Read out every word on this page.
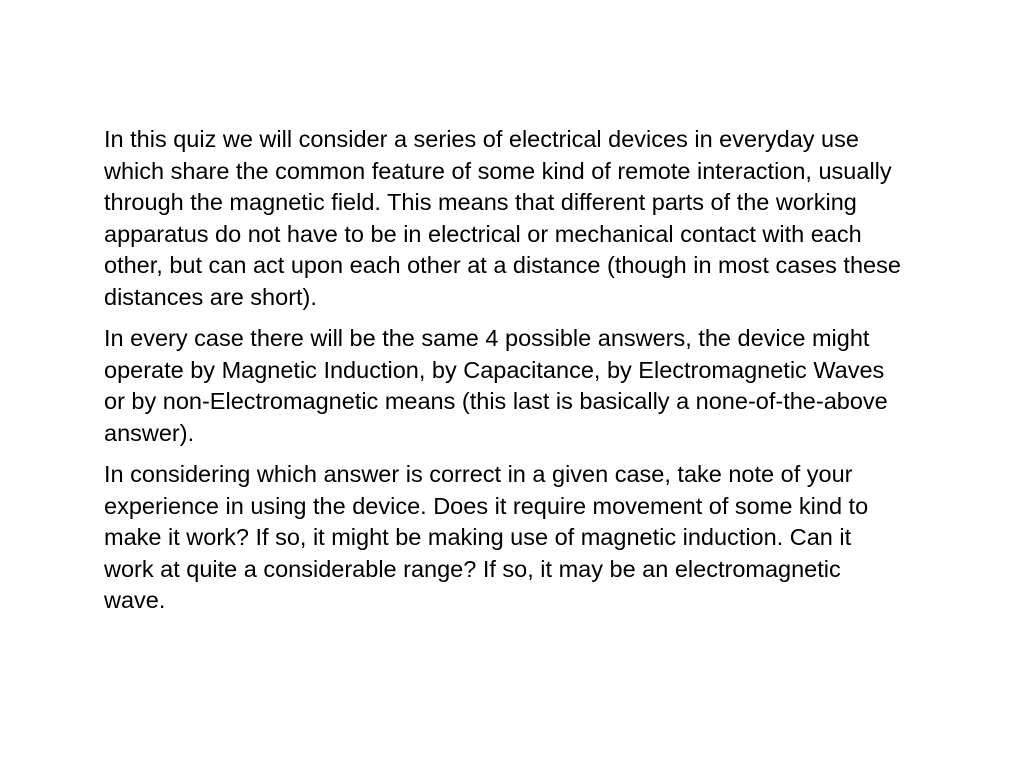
In this quiz we will consider a series of electrical devices in everyday use which share the common feature of some kind of remote interaction, usually through the magnetic field. This means that different parts of the working apparatus do not have to be in electrical or mechanical contact with each other, but can act upon each other at a distance (though in most cases these distances are short).

In every case there will be the same 4 possible answers, the device might operate by Magnetic Induction, by Capacitance, by Electromagnetic Waves or by non-Electromagnetic means (this last is basically a none-of-the-above answer).

In considering which answer is correct in a given case, take note of your experience in using the device. Does it require movement of some kind to make it work? If so, it might be making use of magnetic induction. Can it work at quite a considerable range? If so, it may be an electromagnetic wave.
